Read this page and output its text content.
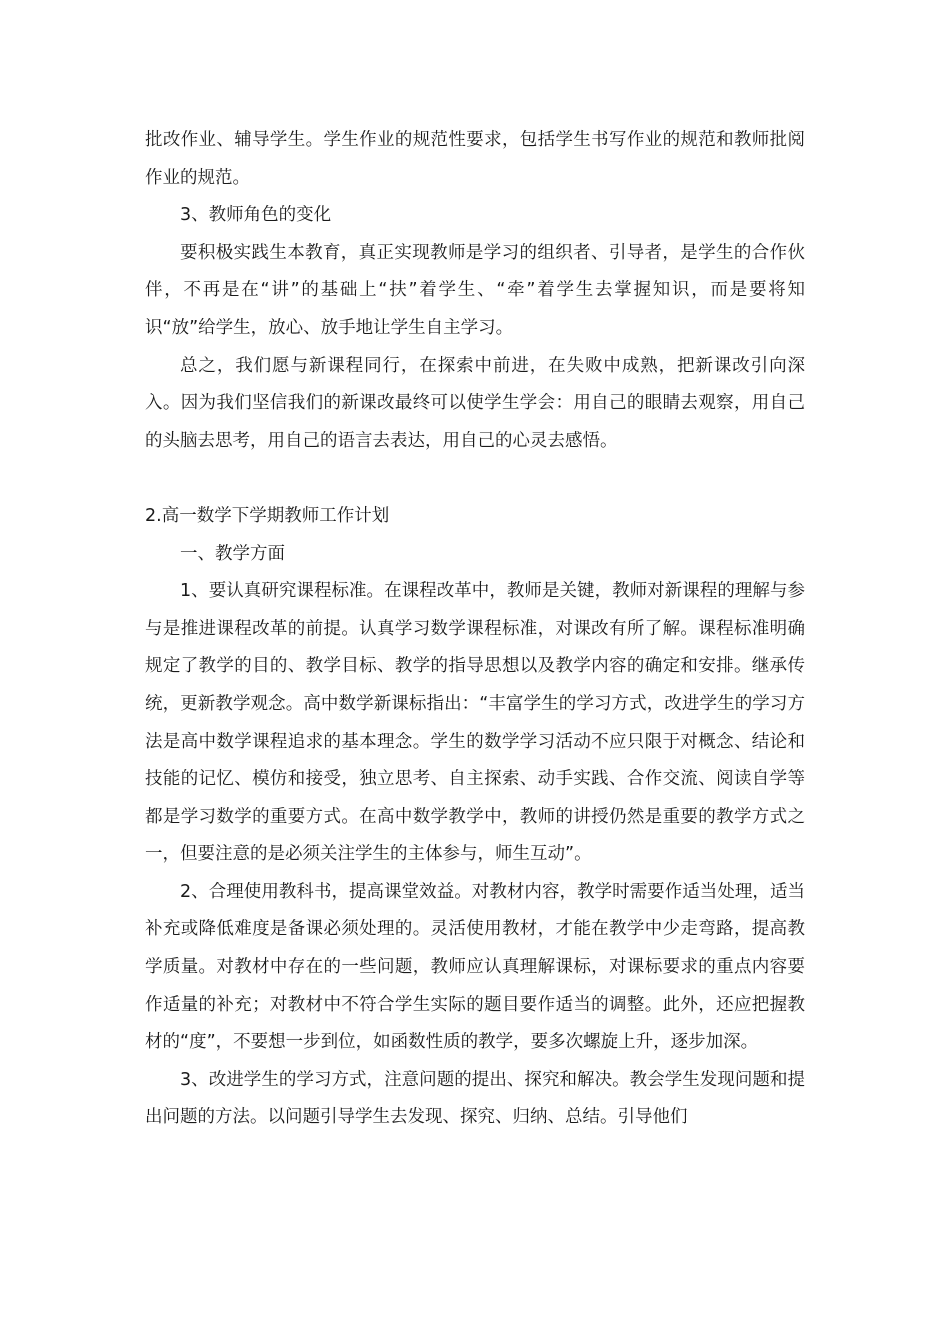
批改作业、辅导学生。学生作业的规范性要求，包括学生书写作业的规范和教师批阅作业的规范。

3、教师角色的变化

要积极实践生本教育，真正实现教师是学习的组织者、引导者，是学生的合作伙伴，不再是在“讲”的基础上“扶”着学生、“牵”着学生去掌握知识，而是要将知识“放”给学生，放心、放手地让学生自主学习。

总之，我们愿与新课程同行，在探索中前进，在失败中成熟，把新课改引向深入。因为我们坚信我们的新课改最终可以使学生学会：用自己的眼睛去观察，用自己的头脑去思考，用自己的语言去表达，用自己的心灵去感悟。

2.高一数学下学期教师工作计划

一、教学方面

1、要认真研究课程标准。在课程改革中，教师是关键，教师对新课程的理解与参与是推进课程改革的前提。认真学习数学课程标准，对课改有所了解。课程标准明确规定了教学的目的、教学目标、教学的指导思想以及教学内容的确定和安排。继承传统，更新教学观念。高中数学新课标指出：“丰富学生的学习方式，改进学生的学习方法是高中数学课程追求的基本理念。学生的数学学习活动不应只限于对概念、结论和技能的记忆、模仿和接受，独立思考、自主探索、动手实践、合作交流、阅读自学等都是学习数学的重要方式。在高中数学教学中，教师的讲授仍然是重要的教学方式之一，但要注意的是必须关注学生的主体参与，师生互动”。

2、合理使用教科书，提高课堂效益。对教材内容，教学时需要作适当处理，适当补充或降低难度是备课必须处理的。灵活使用教材，才能在教学中少走弯路，提高教学质量。对教材中存在的一些问题，教师应认真理解课标，对课标要求的重点内容要作适量的补充；对教材中不符合学生实际的题目要作适当的调整。此外，还应把握教材的“度”，不要想一步到位，如函数性质的教学，要多次螺旋上升，逐步加深。

3、改进学生的学习方式，注意问题的提出、探究和解决。教会学生发现问题和提出问题的方法。以问题引导学生去发现、探究、归纳、总结。引导他们
